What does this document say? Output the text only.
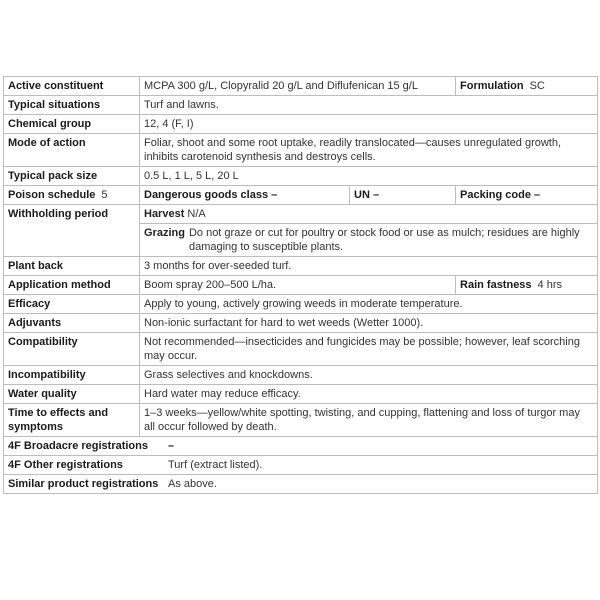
Active constituent	MCPA 300 g/L, Clopyralid 20 g/L and Diflufenican 15 g/L	Formulation SC
Typical situations	Turf and lawns.
Chemical group	12, 4 (F, I)
Mode of action	Foliar, shoot and some root uptake, readily translocated—causes unregulated growth, inhibits carotenoid synthesis and destroys cells.
Typical pack size	0.5 L, 1 L, 5 L, 20 L
Poison schedule 5	Dangerous goods class –	UN –	Packing code –
Withholding period	Harvest N/A

Grazing	Do not graze or cut for poultry or stock food or use as mulch; residues are highly damaging to susceptible plants.

Plant back	3 months for over-seeded turf.
Application method	Boom spray 200–500 L/ha.	Rain fastness 4 hrs
Efficacy	Apply to young, actively growing weeds in moderate temperature.
Adjuvants	Non-ionic surfactant for hard to wet weeds (Wetter 1000).
Compatibility	Not recommended—insecticides and fungicides may be possible; however, leaf scorching may occur.
Incompatibility	Grass selectives and knockdowns.
Water quality	Hard water may reduce efficacy.
Time to effects and symptoms	1–3 weeks—yellow/white spotting, twisting, and cupping, flattening and loss of turgor may all occur followed by death.
4F Broadacre registrations –
4F Other registrations	Turf (extract listed).
Similar product registrations As above.
